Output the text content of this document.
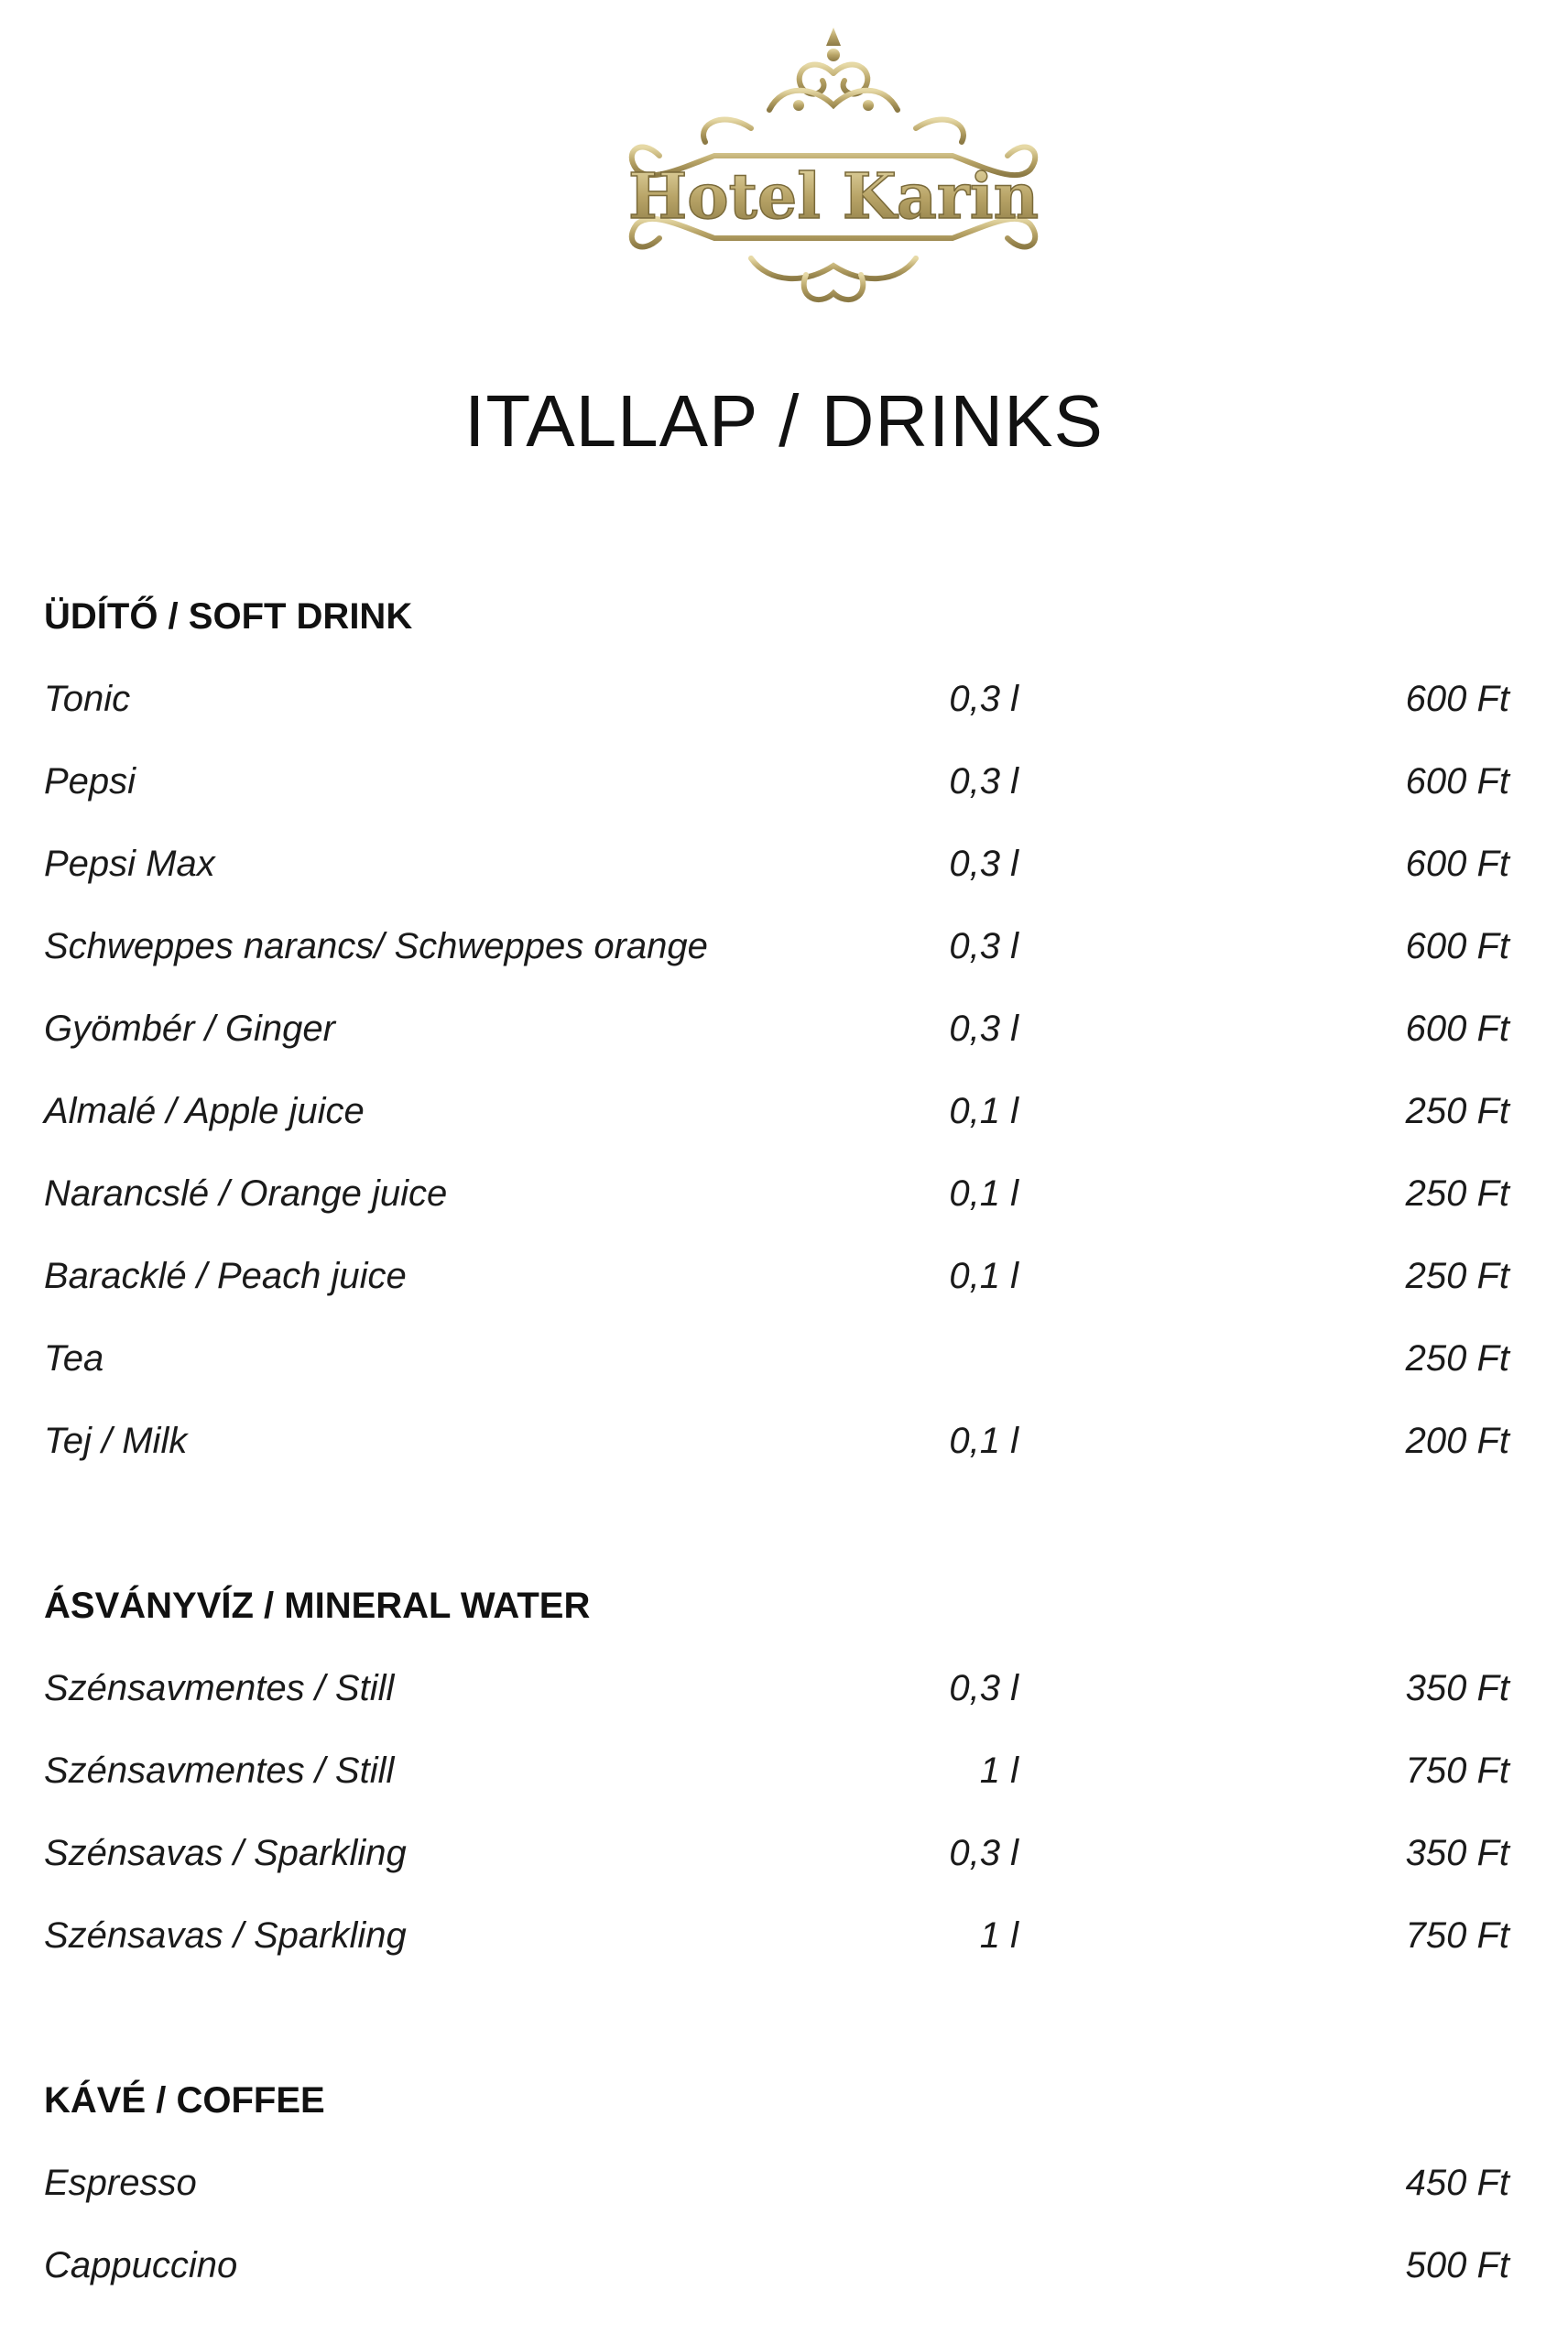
Hotel Karin
ITALLAP / DRINKS
ÜDÍTŐ / SOFT DRINK
Tonic	0,3 l	600 Ft
Pepsi	0,3 l	600 Ft
Pepsi Max	0,3 l	600 Ft
Schweppes narancs/ Schweppes orange	0,3 l	600 Ft
Gyömbér / Ginger	0,3 l	600 Ft
Almalé / Apple juice	0,1 l	250 Ft
Narancslé / Orange juice	0,1 l	250 Ft
Baracklé / Peach juice	0,1 l	250 Ft
Tea	250 Ft
Tej / Milk	0,1 l	200 Ft
ÁSVÁNYVÍZ / MINERAL WATER
Szénsavmentes / Still	0,3 l	350 Ft
Szénsavmentes / Still	1 l	750 Ft
Szénsavas / Sparkling	0,3 l	350 Ft
Szénsavas / Sparkling	1 l	750 Ft
KÁVÉ / COFFEE
Espresso	450 Ft
Cappuccino	500 Ft
